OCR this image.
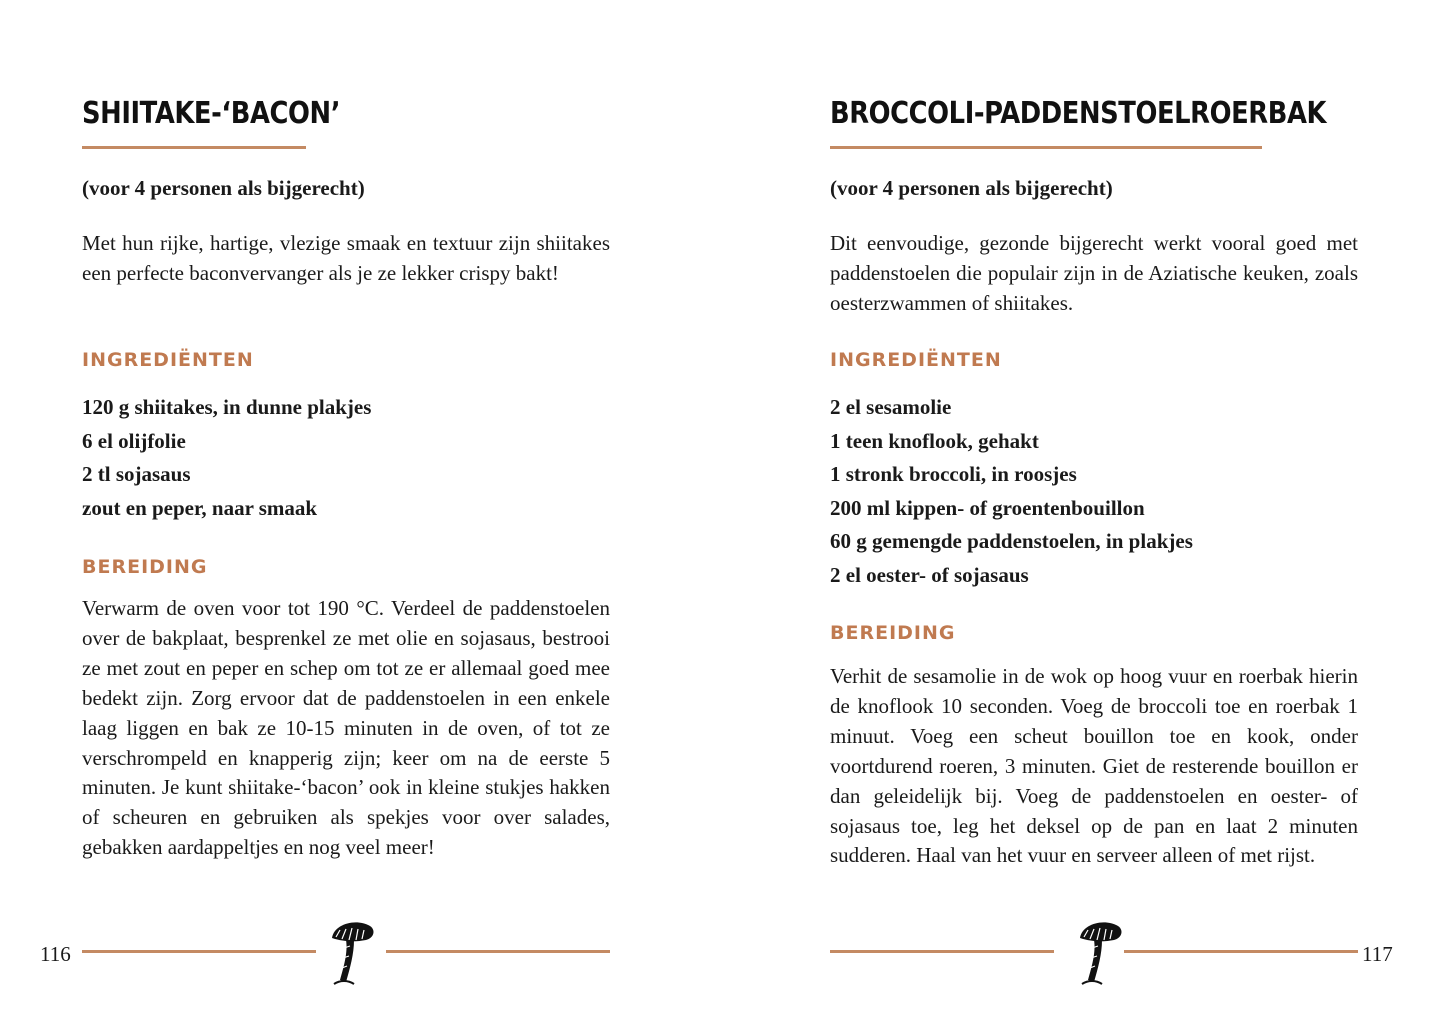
SHIITAKE-‘BACON’
(voor 4 personen als bijgerecht)

Met hun rijke, hartige, vlezige smaak en textuur zijn shiitakes een perfecte baconvervanger als je ze lekker crispy bakt!

INGREDIËNTEN
120 g shiitakes, in dunne plakjes
6 el olijfolie
2 tl sojasaus
zout en peper, naar smaak
BEREIDING

Verwarm de oven voor tot 190 °C. Verdeel de paddenstoelen over de bakplaat, besprenkel ze met olie en sojasaus, bestrooi ze met zout en peper en schep om tot ze er allemaal goed mee bedekt zijn. Zorg ervoor dat de paddenstoelen in een enkele laag liggen en bak ze 10-15 minuten in de oven, of tot ze verschrompeld en knapperig zijn; keer om na de eerste 5 minuten. Je kunt shiitake-‘bacon’ ook in kleine stukjes hakken of scheuren en gebruiken als spekjes voor over salades, gebakken aardappeltjes en nog veel meer!

116
BROCCOLI-PADDENSTOELROERBAK
(voor 4 personen als bijgerecht)

Dit eenvoudige, gezonde bijgerecht werkt vooral goed met paddenstoelen die populair zijn in de Aziatische keuken, zoals oesterzwammen of shiitakes.

INGREDIËNTEN
2 el sesamolie
1 teen knoflook, gehakt
1 stronk broccoli, in roosjes
200 ml kippen- of groentenbouillon
60 g gemengde paddenstoelen, in plakjes
2 el oester- of sojasaus
BEREIDING

Verhit de sesamolie in de wok op hoog vuur en roerbak hierin de knoflook 10 seconden. Voeg de broccoli toe en roerbak 1 minuut. Voeg een scheut bouillon toe en kook, onder voortdurend roeren, 3 minuten. Giet de resterende bouillon er dan geleidelijk bij. Voeg de paddenstoelen en oester- of sojasaus toe, leg het deksel op de pan en laat 2 minuten sudderen. Haal van het vuur en serveer alleen of met rijst.

117
